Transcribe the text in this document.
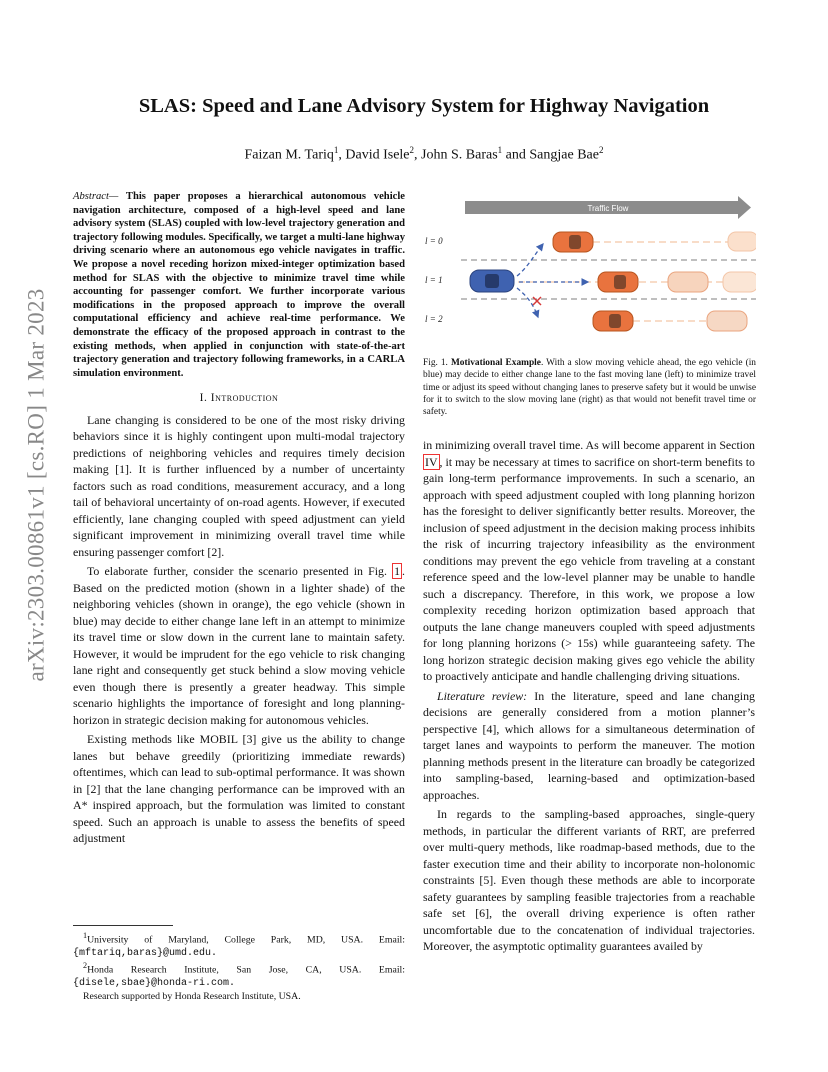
arXiv:2303.00861v1 [cs.RO] 1 Mar 2023
SLAS: Speed and Lane Advisory System for Highway Navigation
Faizan M. Tariq$^1$, David Isele$^2$, John S. Baras$^1$ and Sangjae Bae$^2$

Abstract— This paper proposes a hierarchical autonomous vehicle navigation architecture, composed of a high-level speed and lane advisory system (SLAS) coupled with low-level trajectory generation and trajectory following modules. Specifically, we target a multi-lane highway driving scenario where an autonomous ego vehicle navigates in traffic. We propose a novel receding horizon mixed-integer optimization based method for SLAS with the objective to minimize travel time while accounting for passenger comfort. We further incorporate various modifications in the proposed approach to improve the overall computational efficiency and achieve real-time performance. We demonstrate the efficacy of the proposed approach in contrast to the existing methods, when applied in conjunction with state-of-the-art trajectory generation and trajectory following frameworks, in a CARLA simulation environment.

I. Introduction

Lane changing is considered to be one of the most risky driving behaviors since it is highly contingent upon multi-modal trajectory predictions of neighboring vehicles and requires timely decision making [1]. It is further influenced by a number of uncertainty factors such as road conditions, measurement accuracy, and a long tail of behavioral uncertainty of on-road agents. However, if executed efficiently, lane changing coupled with speed adjustment can yield significant improvement in minimizing overall travel time while ensuring passenger comfort [2].

To elaborate further, consider the scenario presented in Fig. 1 . Based on the predicted motion (shown in a lighter shade) of the neighboring vehicles (shown in orange), the ego vehicle (shown in blue) may decide to either change lane left in an attempt to minimize its travel time or slow down in the current lane to maintain safety. However, it would be imprudent for the ego vehicle to risk changing lane right and consequently get stuck behind a slow moving vehicle even though there is presently a greater headway. This simple scenario highlights the importance of foresight and long planning-horizon in strategic decision making for autonomous vehicles.

Existing methods like MOBIL [3] give us the ability to change lanes but behave greedily (prioritizing immediate rewards) oftentimes, which can lead to sub-optimal performance. It was shown in [2] that the lane changing performance can be improved with an A* inspired approach, but the formulation was limited to constant speed. Such an approach is unable to assess the benefits of speed adjustment

Traffic Flow
l = 0
l = 1
l = 2
Fig. 1. Motivational Example. With a slow moving vehicle ahead, the ego vehicle (in blue) may decide to either change lane to the fast moving lane (left) to minimize travel time or adjust its speed without changing lanes to preserve safety but it would be unwise for it to switch to the slow moving lane (right) as that would not benefit travel time or safety.

in minimizing overall travel time. As will become apparent in Section IV , it may be necessary at times to sacrifice on short-term benefits to gain long-term performance improvements. In such a scenario, an approach with speed adjustment coupled with long planning horizon has the foresight to deliver significantly better results. Moreover, the inclusion of speed adjustment in the decision making process inhibits the risk of incurring trajectory infeasibility as the environment conditions may prevent the ego vehicle from traveling at a constant reference speed and the low-level planner may be unable to handle such a discrepancy. Therefore, in this work, we propose a low complexity receding horizon optimization based approach that outputs the lane change maneuvers coupled with speed adjustments for long planning horizons (> 15s) while guaranteeing safety. The long horizon strategic decision making gives ego vehicle the ability to proactively anticipate and handle challenging driving situations.

Literature review: In the literature, speed and lane changing decisions are generally considered from a motion planner’s perspective [4], which allows for a simultaneous determination of target lanes and waypoints to perform the maneuver. The motion planning methods present in the literature can broadly be categorized into sampling-based, learning-based and optimization-based approaches.

In regards to the sampling-based approaches, single-query methods, in particular the different variants of RRT, are preferred over multi-query methods, like roadmap-based methods, due to the faster execution time and their ability to incorporate non-holonomic constraints [5]. Even though these methods are able to incorporate safety guarantees by sampling feasible trajectories from a reachable safe set [6], the overall driving experience is often rather uncomfortable due to the concatenation of individual trajectories. Moreover, the asymptotic optimality guarantees availed by

$^1$University of Maryland, College Park, MD, USA. Email: {mftariq,baras}@umd.edu.

$^2$Honda Research Institute, San Jose, CA, USA. Email: {disele,sbae}@honda-ri.com.

Research supported by Honda Research Institute, USA.
